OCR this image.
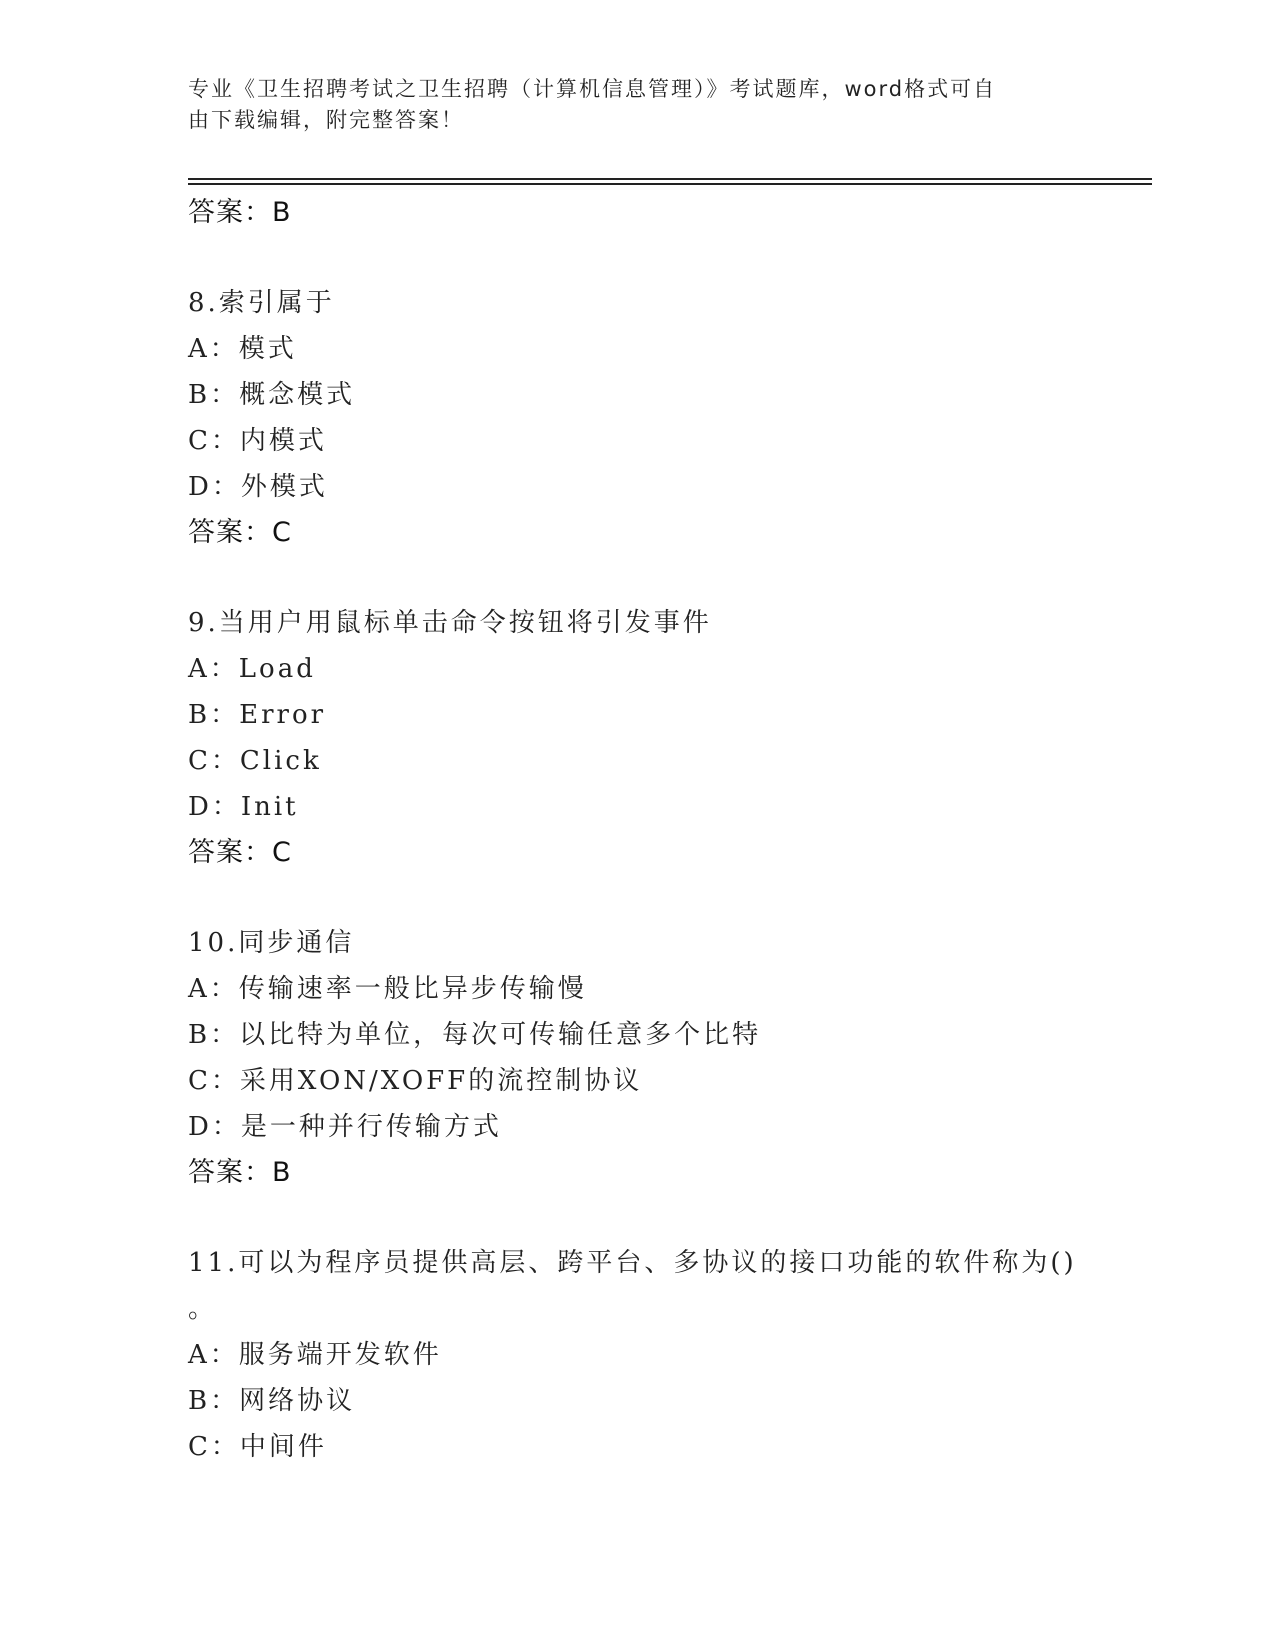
专业《卫生招聘考试之卫生招聘（计算机信息管理）》考试题库，word格式可自
由下载编辑，附完整答案！
答案：B
8.索引属于
A：模式
B：概念模式
C：内模式
D：外模式
答案：C
9.当用户用鼠标单击命令按钮将引发事件
A：Load
B：Error
C：Click
D：Init
答案：C
10.同步通信
A：传输速率一般比异步传输慢
B：以比特为单位，每次可传输任意多个比特
C：采用XON/XOFF的流控制协议
D：是一种并行传输方式
答案：B
11.可以为程序员提供高层、跨平台、多协议的接口功能的软件称为()
。
A：服务端开发软件
B：网络协议
C：中间件
